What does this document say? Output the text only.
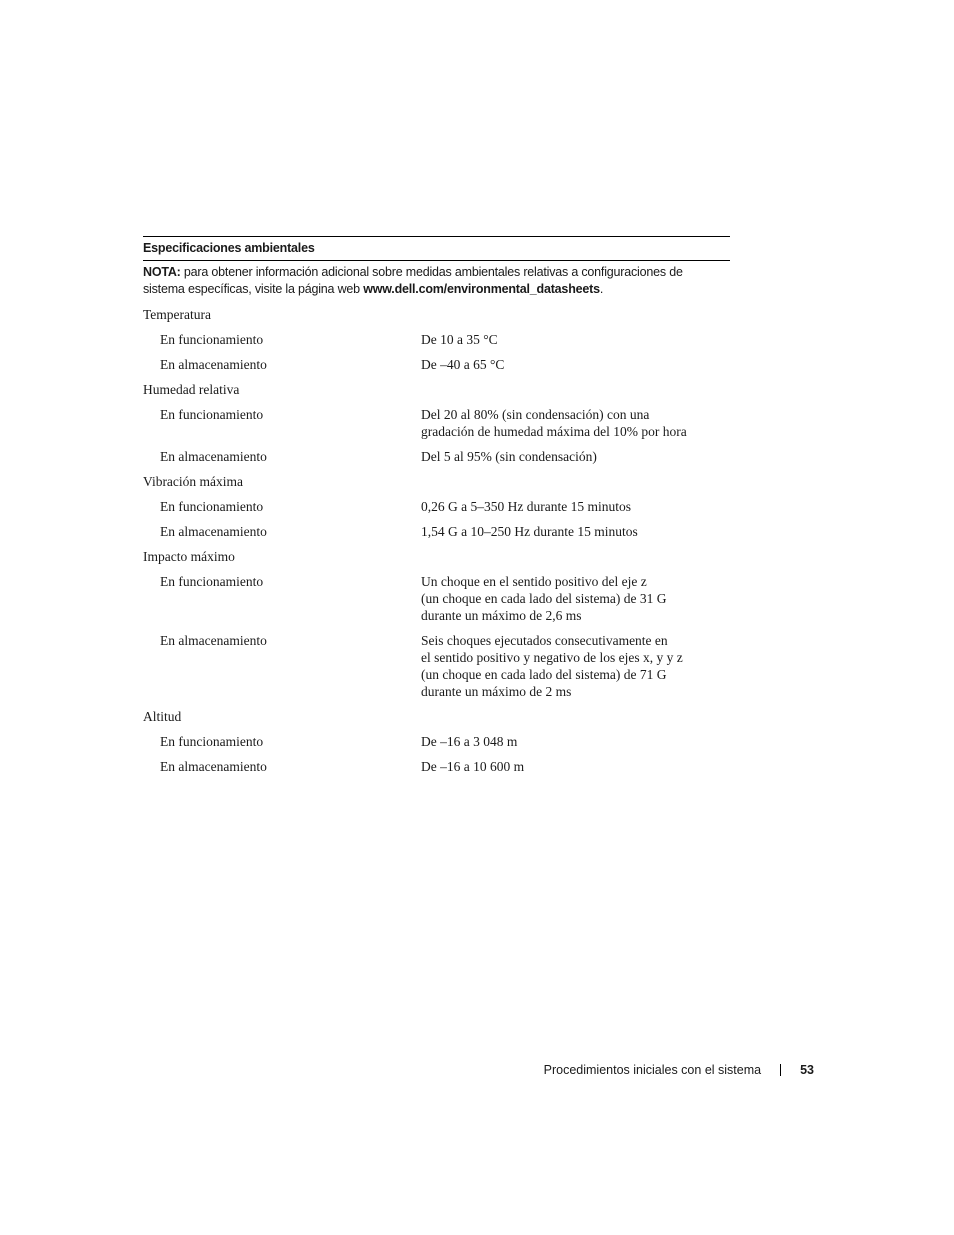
Especificaciones ambientales
NOTA: para obtener información adicional sobre medidas ambientales relativas a configuraciones de sistema específicas, visite la página web www.dell.com/environmental_datasheets.
Temperatura
En funcionamiento	De 10 a 35 °C
En almacenamiento	De –40 a 65 °C
Humedad relativa
En funcionamiento	Del 20 al 80% (sin condensación) con una
gradación de humedad máxima del 10% por hora
En almacenamiento	Del 5 al 95% (sin condensación)
Vibración máxima
En funcionamiento	0,26 G a 5–350 Hz durante 15 minutos
En almacenamiento	1,54 G a 10–250 Hz durante 15 minutos
Impacto máximo
En funcionamiento	Un choque en el sentido positivo del eje z
(un choque en cada lado del sistema) de 31 G
durante un máximo de 2,6 ms
En almacenamiento	Seis choques ejecutados consecutivamente en
el sentido positivo y negativo de los ejes x, y y z
(un choque en cada lado del sistema) de 71 G
durante un máximo de 2 ms
Altitud
En funcionamiento	De –16 a 3 048 m
En almacenamiento	De –16 a 10 600 m
Procedimientos iniciales con el sistema	53
